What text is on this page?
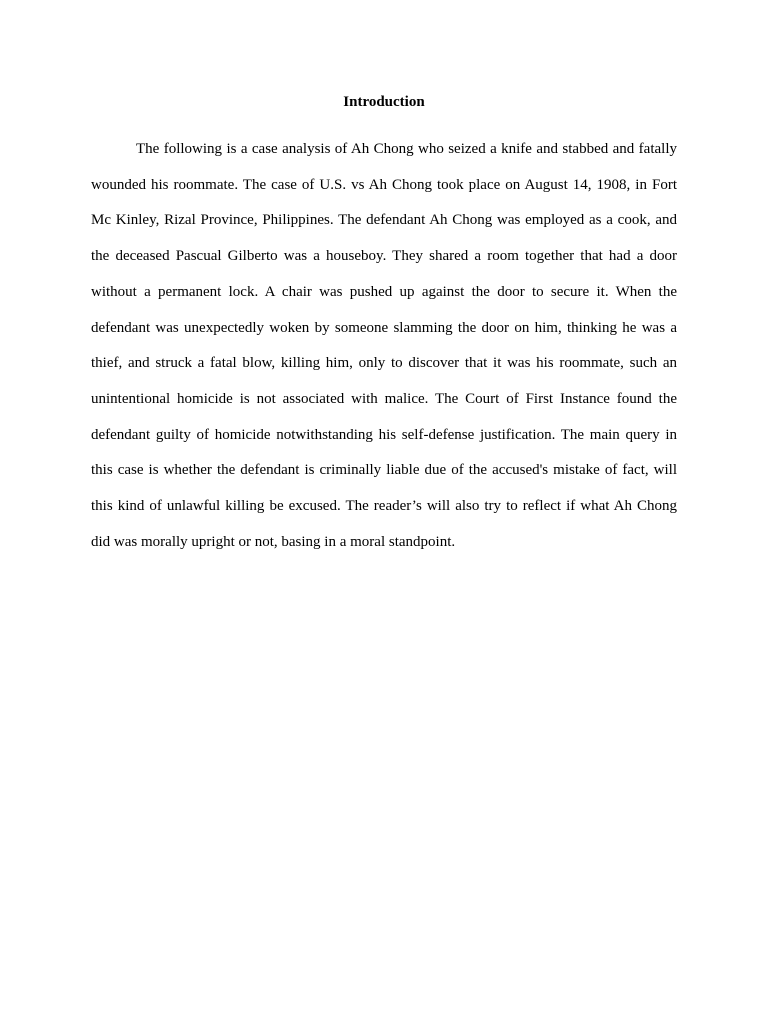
Introduction

The following is a case analysis of Ah Chong who seized a knife and stabbed and fatally wounded his roommate. The case of U.S. vs Ah Chong took place on August 14, 1908, in Fort Mc Kinley, Rizal Province, Philippines. The defendant Ah Chong was employed as a cook, and the deceased Pascual Gilberto was a houseboy. They shared a room together that had a door without a permanent lock. A chair was pushed up against the door to secure it. When the defendant was unexpectedly woken by someone slamming the door on him, thinking he was a thief, and struck a fatal blow, killing him, only to discover that it was his roommate, such an unintentional homicide is not associated with malice. The Court of First Instance found the defendant guilty of homicide notwithstanding his self-defense justification. The main query in this case is whether the defendant is criminally liable due of the accused's mistake of fact, will this kind of unlawful killing be excused. The reader’s will also try to reflect if what Ah Chong did was morally upright or not, basing in a moral standpoint.
